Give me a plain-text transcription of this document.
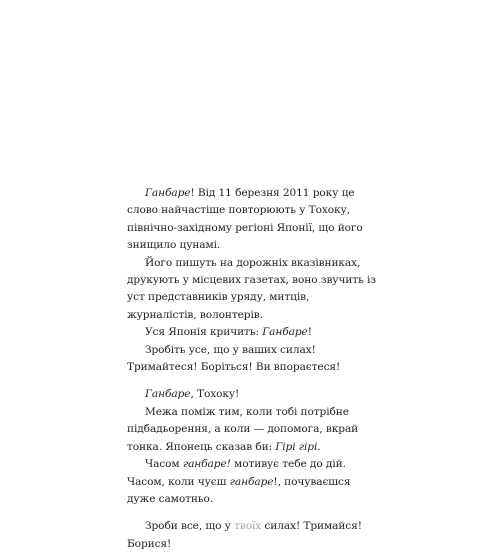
Ганбаре! Від 11 березня 2011 року це слово найчастіше повторюють у Тохоку, північно-західному регіоні Японії, що його знищило цунамі.

Його пишуть на дорожніх вказівниках, друкують у місцевих газетах, воно звучить із уст представників уряду, митців, журналістів, волонтерів.

Уся Японія кричить: Ганбаре!

Зробіть усе, що у ваших силах! Тримайтеся! Боріться! Ви впораєтеся!

Ганбаре, Тохоку!

Межа поміж тим, коли тобі потрібне підбадьорення, а коли — допомога, вкрай тонка. Японець сказав би: Гірі гірі.

Часом ганбаре! мотивує тебе до дій. Часом, коли чуєш ганбаре!, почуваєшся дуже самотньо.

Зроби все, що у твоїх силах! Тримайся! Борися!
